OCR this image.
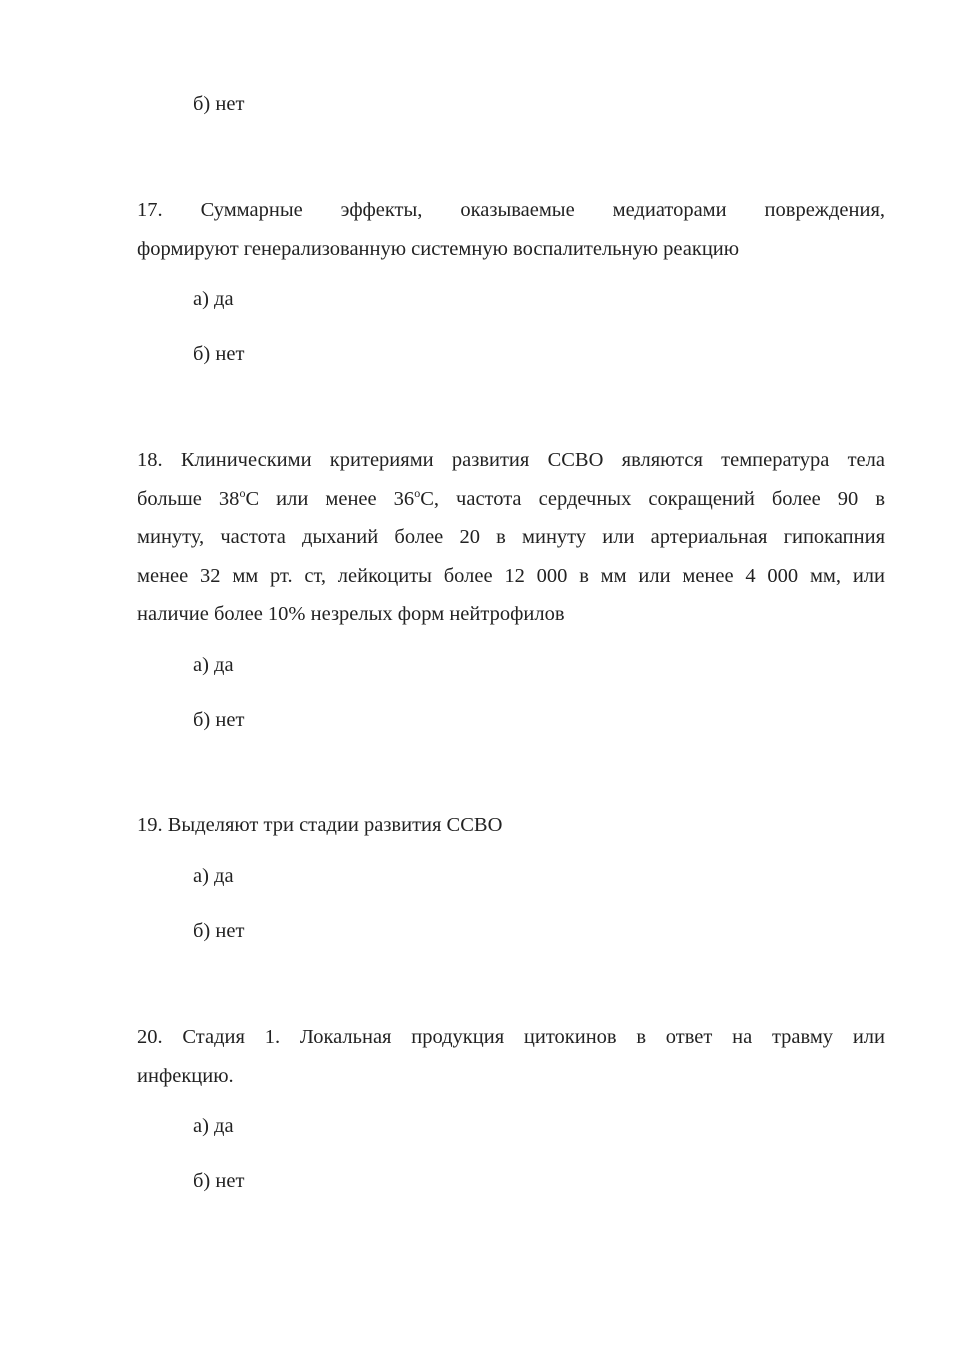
б) нет
17. Суммарные эффекты, оказываемые медиаторами повреждения,
формируют генерализованную системную воспалительную реакцию
а) да
б) нет
18. Клиническими критериями развития ССВО являются температура тела
больше 38$^o$С или менее 36$^o$С, частота сердечных сокращений более 90 в
минуту, частота дыханий более 20 в минуту или артериальная гипокапния
менее 32 мм рт. ст, лейкоциты более 12 000 в мм или менее 4 000 мм, или
наличие более 10% незрелых форм нейтрофилов
а) да
б) нет
19. Выделяют три стадии развития ССВО
а) да
б) нет
20. Стадия 1. Локальная продукция цитокинов в ответ на травму или
инфекцию.
а) да
б) нет
